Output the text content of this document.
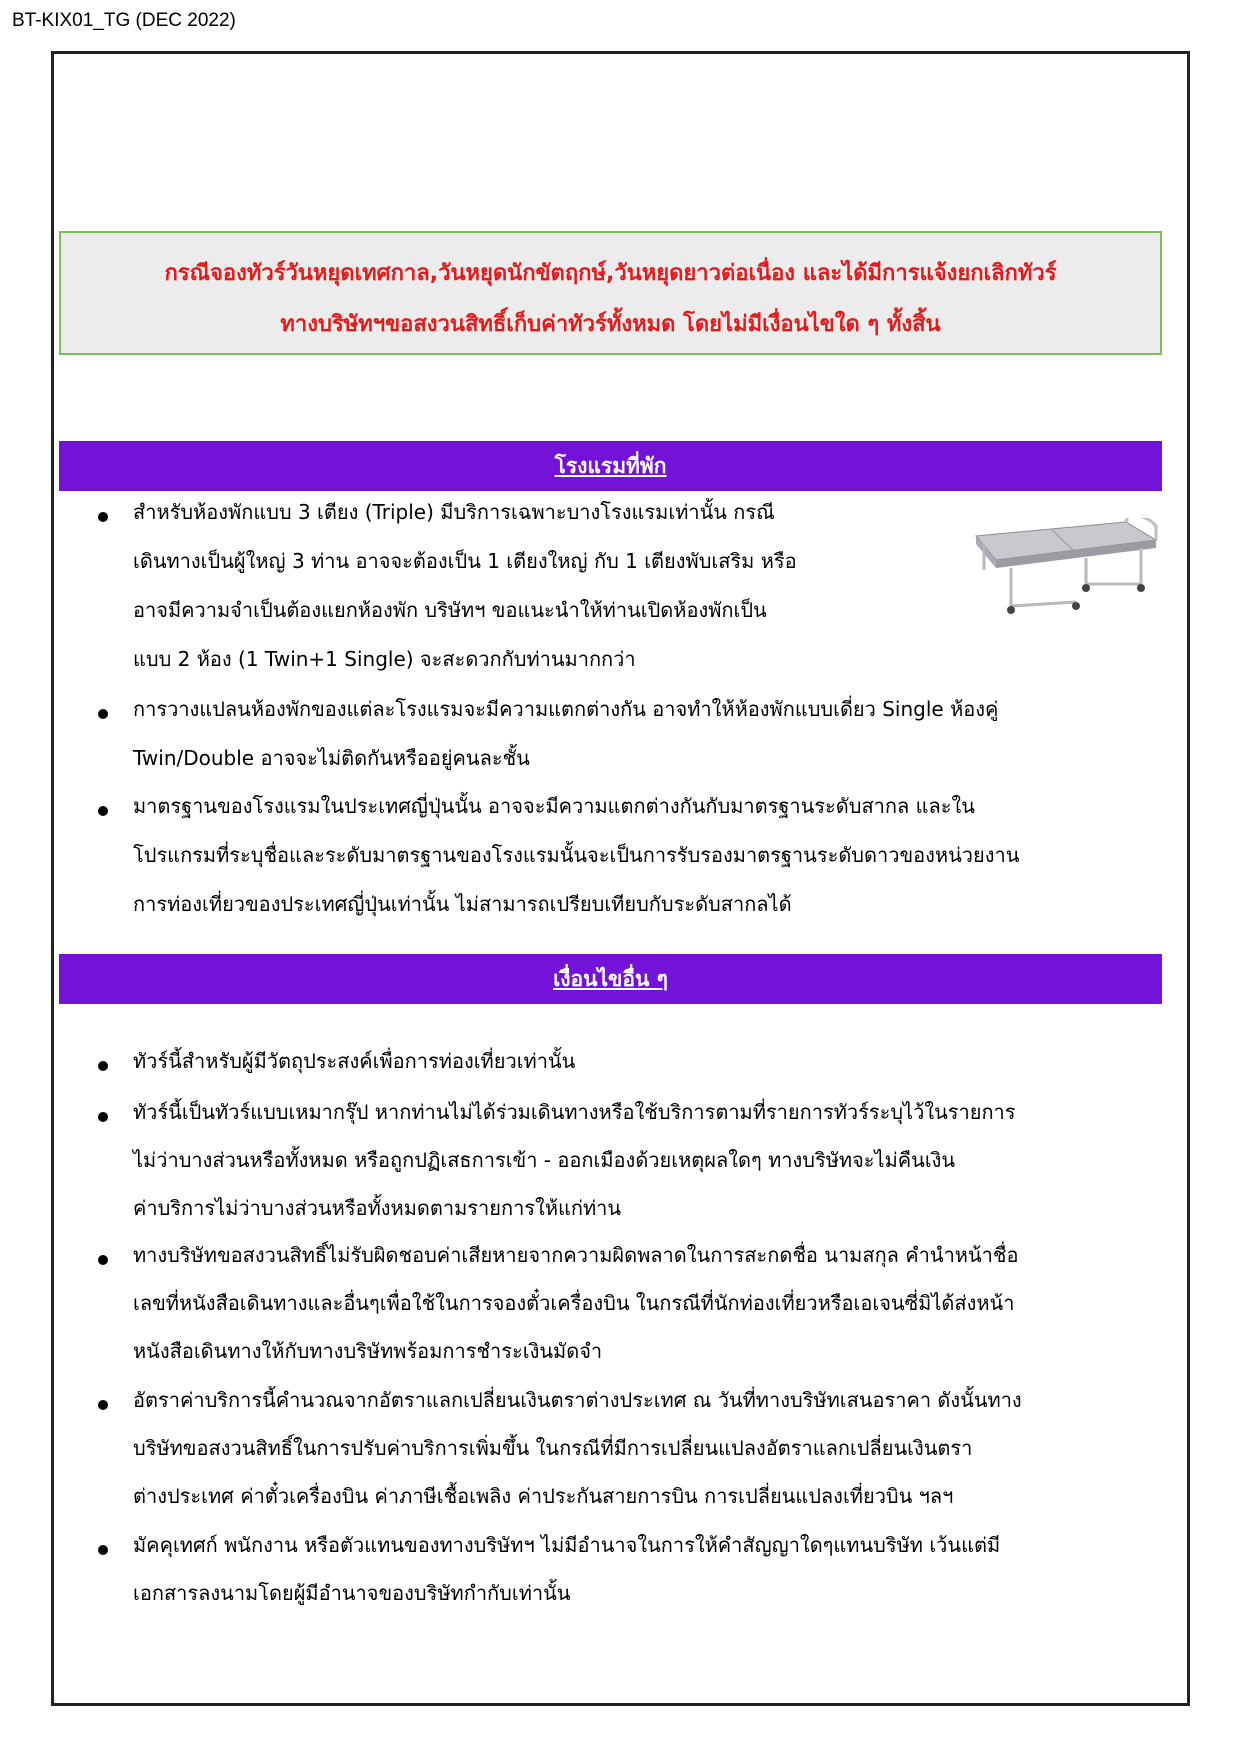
BT-KIX01_TG (DEC 2022)
กรณีจองทัวร์วันหยุดเทศกาล,วันหยุดนักขัตฤกษ์,วันหยุดยาวต่อเนื่อง และได้มีการแจ้งยกเลิกทัวร์
ทางบริษัทฯขอสงวนสิทธิ์เก็บค่าทัวร์ทั้งหมด โดยไม่มีเงื่อนไขใด ๆ ทั้งสิ้น
โรงแรมที่พัก
สำหรับห้องพักแบบ 3 เตียง (Triple) มีบริการเฉพาะบางโรงแรมเท่านั้น กรณี
เดินทางเป็นผู้ใหญ่ 3 ท่าน อาจจะต้องเป็น 1 เตียงใหญ่ กับ 1 เตียงพับเสริม หรือ
อาจมีความจำเป็นต้องแยกห้องพัก บริษัทฯ ขอแนะนำให้ท่านเปิดห้องพักเป็น
แบบ 2 ห้อง (1 Twin+1 Single) จะสะดวกกับท่านมากกว่า
การวางแปลนห้องพักของแต่ละโรงแรมจะมีความแตกต่างกัน อาจทำให้ห้องพักแบบเดี่ยว Single ห้องคู่
Twin/Double อาจจะไม่ติดกันหรืออยู่คนละชั้น
มาตรฐานของโรงแรมในประเทศญี่ปุ่นนั้น อาจจะมีความแตกต่างกันกับมาตรฐานระดับสากล และใน
โปรแกรมที่ระบุชื่อและระดับมาตรฐานของโรงแรมนั้นจะเป็นการรับรองมาตรฐานระดับดาวของหน่วยงาน
การท่องเที่ยวของประเทศญี่ปุ่นเท่านั้น ไม่สามารถเปรียบเทียบกับระดับสากลได้
เงื่อนไขอื่น ๆ
ทัวร์นี้สำหรับผู้มีวัตถุประสงค์เพื่อการท่องเที่ยวเท่านั้น
ทัวร์นี้เป็นทัวร์แบบเหมากรุ๊ป หากท่านไม่ได้ร่วมเดินทางหรือใช้บริการตามที่รายการทัวร์ระบุไว้ในรายการ
ไม่ว่าบางส่วนหรือทั้งหมด หรือถูกปฏิเสธการเข้า - ออกเมืองด้วยเหตุผลใดๆ ทางบริษัทจะไม่คืนเงิน
ค่าบริการไม่ว่าบางส่วนหรือทั้งหมดตามรายการให้แก่ท่าน
ทางบริษัทขอสงวนสิทธิ์ไม่รับผิดชอบค่าเสียหายจากความผิดพลาดในการสะกดชื่อ นามสกุล คำนำหน้าชื่อ
เลขที่หนังสือเดินทางและอื่นๆเพื่อใช้ในการจองตั๋วเครื่องบิน ในกรณีที่นักท่องเที่ยวหรือเอเจนซี่มิได้ส่งหน้า
หนังสือเดินทางให้กับทางบริษัทพร้อมการชำระเงินมัดจำ
อัตราค่าบริการนี้คำนวณจากอัตราแลกเปลี่ยนเงินตราต่างประเทศ ณ วันที่ทางบริษัทเสนอราคา ดังนั้นทาง
บริษัทขอสงวนสิทธิ์ในการปรับค่าบริการเพิ่มขึ้น ในกรณีที่มีการเปลี่ยนแปลงอัตราแลกเปลี่ยนเงินตรา
ต่างประเทศ ค่าตั๋วเครื่องบิน ค่าภาษีเชื้อเพลิง ค่าประกันสายการบิน การเปลี่ยนแปลงเที่ยวบิน ฯลฯ
มัคคุเทศก์ พนักงาน หรือตัวแทนของทางบริษัทฯ ไม่มีอำนาจในการให้คำสัญญาใดๆแทนบริษัท เว้นแต่มี
เอกสารลงนามโดยผู้มีอำนาจของบริษัทกำกับเท่านั้น
